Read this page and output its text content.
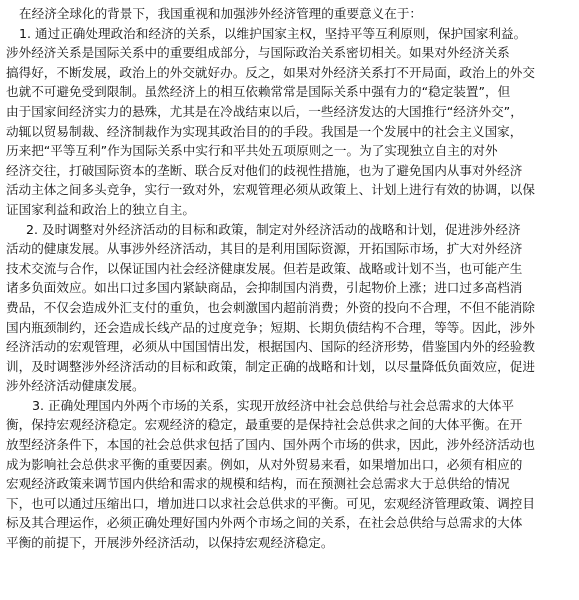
在经济全球化的背景下，我国重视和加强涉外经济管理的重要意义在于：
1. 通过正确处理政治和经济的关系，以维护国家主权，坚持平等互利原则，保护国家利益。
涉外经济关系是国际关系中的重要组成部分，与国际政治关系密切相关。如果对外经济关系
搞得好，不断发展，政治上的外交就好办。反之，如果对外经济关系打不开局面，政治上的外交
也就不可避免受到限制。虽然经济上的相互依赖常常是国际关系中强有力的“稳定装置”，但
由于国家间经济实力的悬殊，尤其是在冷战结束以后，一些经济发达的大国推行“经济外交”，
动辄以贸易制裁、经济制裁作为实现其政治目的的手段。我国是一个发展中的社会主义国家，
历来把“平等互利”作为国际关系中实行和平共处五项原则之一。为了实现独立自主的对外
经济交往，打破国际资本的垄断、联合反对他们的歧视性措施，也为了避免国内从事对外经济
活动主体之间多头竞争，实行一致对外，宏观管理必须从政策上、计划上进行有效的协调，以保
证国家利益和政治上的独立自主。
2. 及时调整对外经济活动的目标和政策，制定对外经济活动的战略和计划，促进涉外经济
活动的健康发展。从事涉外经济活动，其目的是利用国际资源，开拓国际市场，扩大对外经济
技术交流与合作，以保证国内社会经济健康发展。但若是政策、战略或计划不当，也可能产生
诸多负面效应。如出口过多国内紧缺商品，会抑制国内消费，引起物价上涨；进口过多高档消
费品，不仅会造成外汇支付的重负，也会刺激国内超前消费；外资的投向不合理，不但不能消除
国内瓶颈制约，还会造成长线产品的过度竞争；短期、长期负债结构不合理，等等。因此，涉外
经济活动的宏观管理，必须从中国国情出发，根据国内、国际的经济形势，借鉴国内外的经验教
训，及时调整涉外经济活动的目标和政策，制定正确的战略和计划，以尽量降低负面效应，促进
涉外经济活动健康发展。
3. 正确处理国内外两个市场的关系，实现开放经济中社会总供给与社会总需求的大体平
衡，保持宏观经济稳定。宏观经济的稳定，最重要的是保持社会总供求之间的大体平衡。在开
放型经济条件下，本国的社会总供求包括了国内、国外两个市场的供求，因此，涉外经济活动也
成为影响社会总供求平衡的重要因素。例如，从对外贸易来看，如果增加出口，必须有相应的
宏观经济政策来调节国内供给和需求的规模和结构，而在预测社会总需求大于总供给的情况
下，也可以通过压缩出口，增加进口以求社会总供求的平衡。可见，宏观经济管理政策、调控目
标及其合理运作，必须正确处理好国内外两个市场之间的关系，在社会总供给与总需求的大体
平衡的前提下，开展涉外经济活动，以保持宏观经济稳定。
